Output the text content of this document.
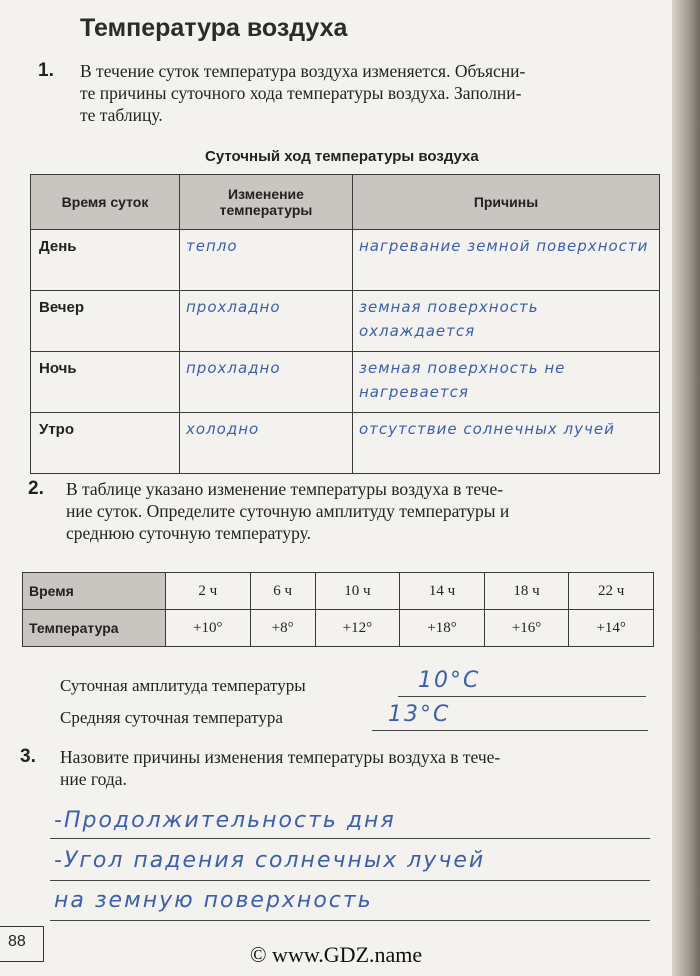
Температура воздуха
1. В течение суток температура воздуха изменяется. Объясни-
те причины суточного хода температуры воздуха. Заполни-
те таблицу.
Суточный ход температуры воздуха
Время суток	Изменение температуры	Причины
День	тепло	нагревание земной поверхности
Вечер	прохладно	земная поверхность охлаждается
Ночь	прохладно	земная поверхность не нагревается
Утро	холодно	отсутствие солнечных лучей
2. В таблице указано изменение температуры воздуха в тече-
ние суток. Определите суточную амплитуду температуры и
среднюю суточную температуру.
Время	2 ч	6 ч	10 ч	14 ч	18 ч	22 ч
Температура	+10°	+8°	+12°	+18°	+16°	+14°
Суточная амплитуда температуры	10°С
Средняя суточная температура	13°С
3. Назовите причины изменения температуры воздуха в тече-
ние года.
-Продолжительность дня
-Угол падения солнечных лучей
на земную поверхность
88
© www.GDZ.name
